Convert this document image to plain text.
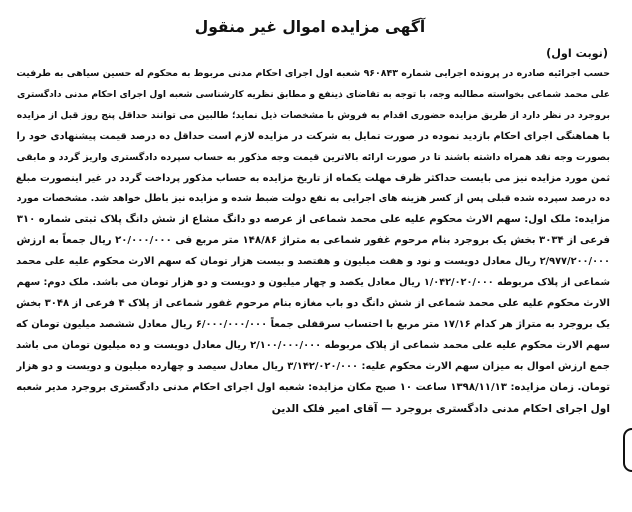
آگهی مزایده اموال غیر منقول
(نوبت اول)
حسب اجرائیه صادره در پرونده اجرایی شماره ۹۶۰۸۴۳ شعبه اول اجرای احکام مدنی مربوط به محکوم له حسین سیاهی به طرفیت
علی محمد شماعی بخواسته مطالبه وجه، با توجه به تقاضای ذینفع و مطابق نظریه کارشناسی شعبه اول اجرای احکام مدنی دادگستری
بروجرد در نظر دارد از طریق مزایده حضوری اقدام به فروش با مشخصات ذیل نماید؛ طالبین می توانند حداقل پنج روز قبل از مزایده
با هماهنگی اجرای احکام بازدید نموده در صورت تمایل به شرکت در مزایده لازم است حداقل ده درصد قیمت پیشنهادی خود را
بصورت وجه نقد همراه داشته باشند تا در صورت ارائه بالاترین قیمت وجه مذکور به حساب سپرده دادگستری واریز گردد و مابقی
ثمن مورد مزایده نیز می بایست حداکثر ظرف مهلت یکماه از تاریخ مزایده به حساب مذکور پرداخت گردد در غیر اینصورت مبلغ
ده درصد سپرده شده قبلی پس از کسر هزینه های اجرایی به نفع دولت ضبط شده و مزایده نیز باطل خواهد شد. مشخصات مورد
مزایده: ملک اول: سهم الارث محکوم علیه علی محمد شماعی از عرصه دو دانگ مشاع از شش دانگ پلاک ثبتی شماره ۳۱۰
فرعی از ۳۰۳۴ بخش یک بروجرد بنام مرحوم غفور شماعی به متراژ ۱۴۸/۸۶ متر مربع فی ۲۰/۰۰۰/۰۰۰ ریال جمعاً به ارزش
۲/۹۷۷/۲۰۰/۰۰۰ ریال معادل دویست و نود و هفت میلیون و هفتصد و بیست هزار تومان که سهم الارث محکوم علیه علی محمد
شماعی از پلاک مربوطه ۱/۰۴۲/۰۲۰/۰۰۰ ریال معادل یکصد و چهار میلیون و دویست و دو هزار تومان می باشد. ملک دوم: سهم
الارث محکوم علیه علی محمد شماعی از شش دانگ دو باب مغازه بنام مرحوم غفور شماعی از پلاک ۴ فرعی از ۳۰۴۸ بخش
یک بروجرد به متراژ هر کدام ۱۷/۱۶ متر مربع با احتساب سرقفلی جمعاً ۶/۰۰۰/۰۰۰/۰۰۰ ریال معادل ششصد میلیون تومان که
سهم الارث محکوم علیه علی محمد شماعی از پلاک مربوطه ۲/۱۰۰/۰۰۰/۰۰۰ ریال معادل دویست و ده میلیون تومان می باشد
جمع ارزش اموال به میزان سهم الارث محکوم علیه: ۳/۱۴۲/۰۲۰/۰۰۰ ریال معادل سیصد و چهارده میلیون و دویست و دو هزار
تومان. زمان مزایده: ۱۳۹۸/۱۱/۱۳ ساعت ۱۰ صبح مکان مزایده: شعبه اول اجرای احکام مدنی دادگستری بروجرد مدیر شعبه
اول اجرای احکام مدنی دادگستری بروجرد — آقای امیر فلک الدین
